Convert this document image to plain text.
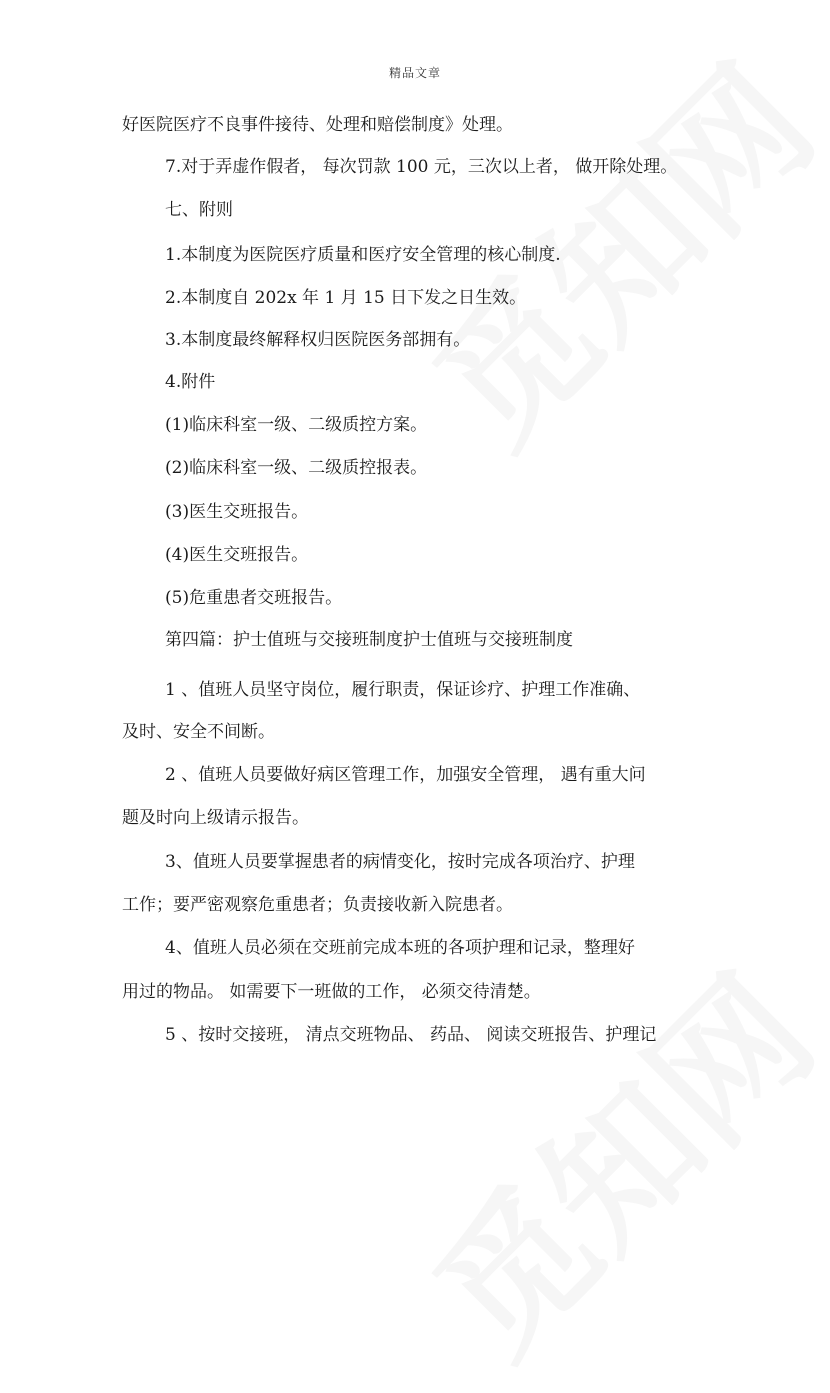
精品文章
好医院医疗不良事件接待、处理和赔偿制度》处理。
7.对于弄虚作假者， 每次罚款 100 元，三次以上者， 做开除处理。
七、附则
1.本制度为医院医疗质量和医疗安全管理的核心制度.
2.本制度自 202x 年 1 月 15 日下发之日生效。
3.本制度最终解释权归医院医务部拥有。
4.附件
(1)临床科室一级、二级质控方案。
(2)临床科室一级、二级质控报表。
(3)医生交班报告。
(4)医生交班报告。
(5)危重患者交班报告。
第四篇：护士值班与交接班制度护士值班与交接班制度
1 、值班人员坚守岗位，履行职责，保证诊疗、护理工作准确、
及时、安全不间断。
2 、值班人员要做好病区管理工作，加强安全管理， 遇有重大问
题及时向上级请示报告。
3、值班人员要掌握患者的病情变化，按时完成各项治疗、护理
工作；要严密观察危重患者；负责接收新入院患者。
4、值班人员必须在交班前完成本班的各项护理和记录，整理好
用过的物品。 如需要下一班做的工作， 必须交待清楚。
5 、按时交接班， 清点交班物品、 药品、 阅读交班报告、护理记
